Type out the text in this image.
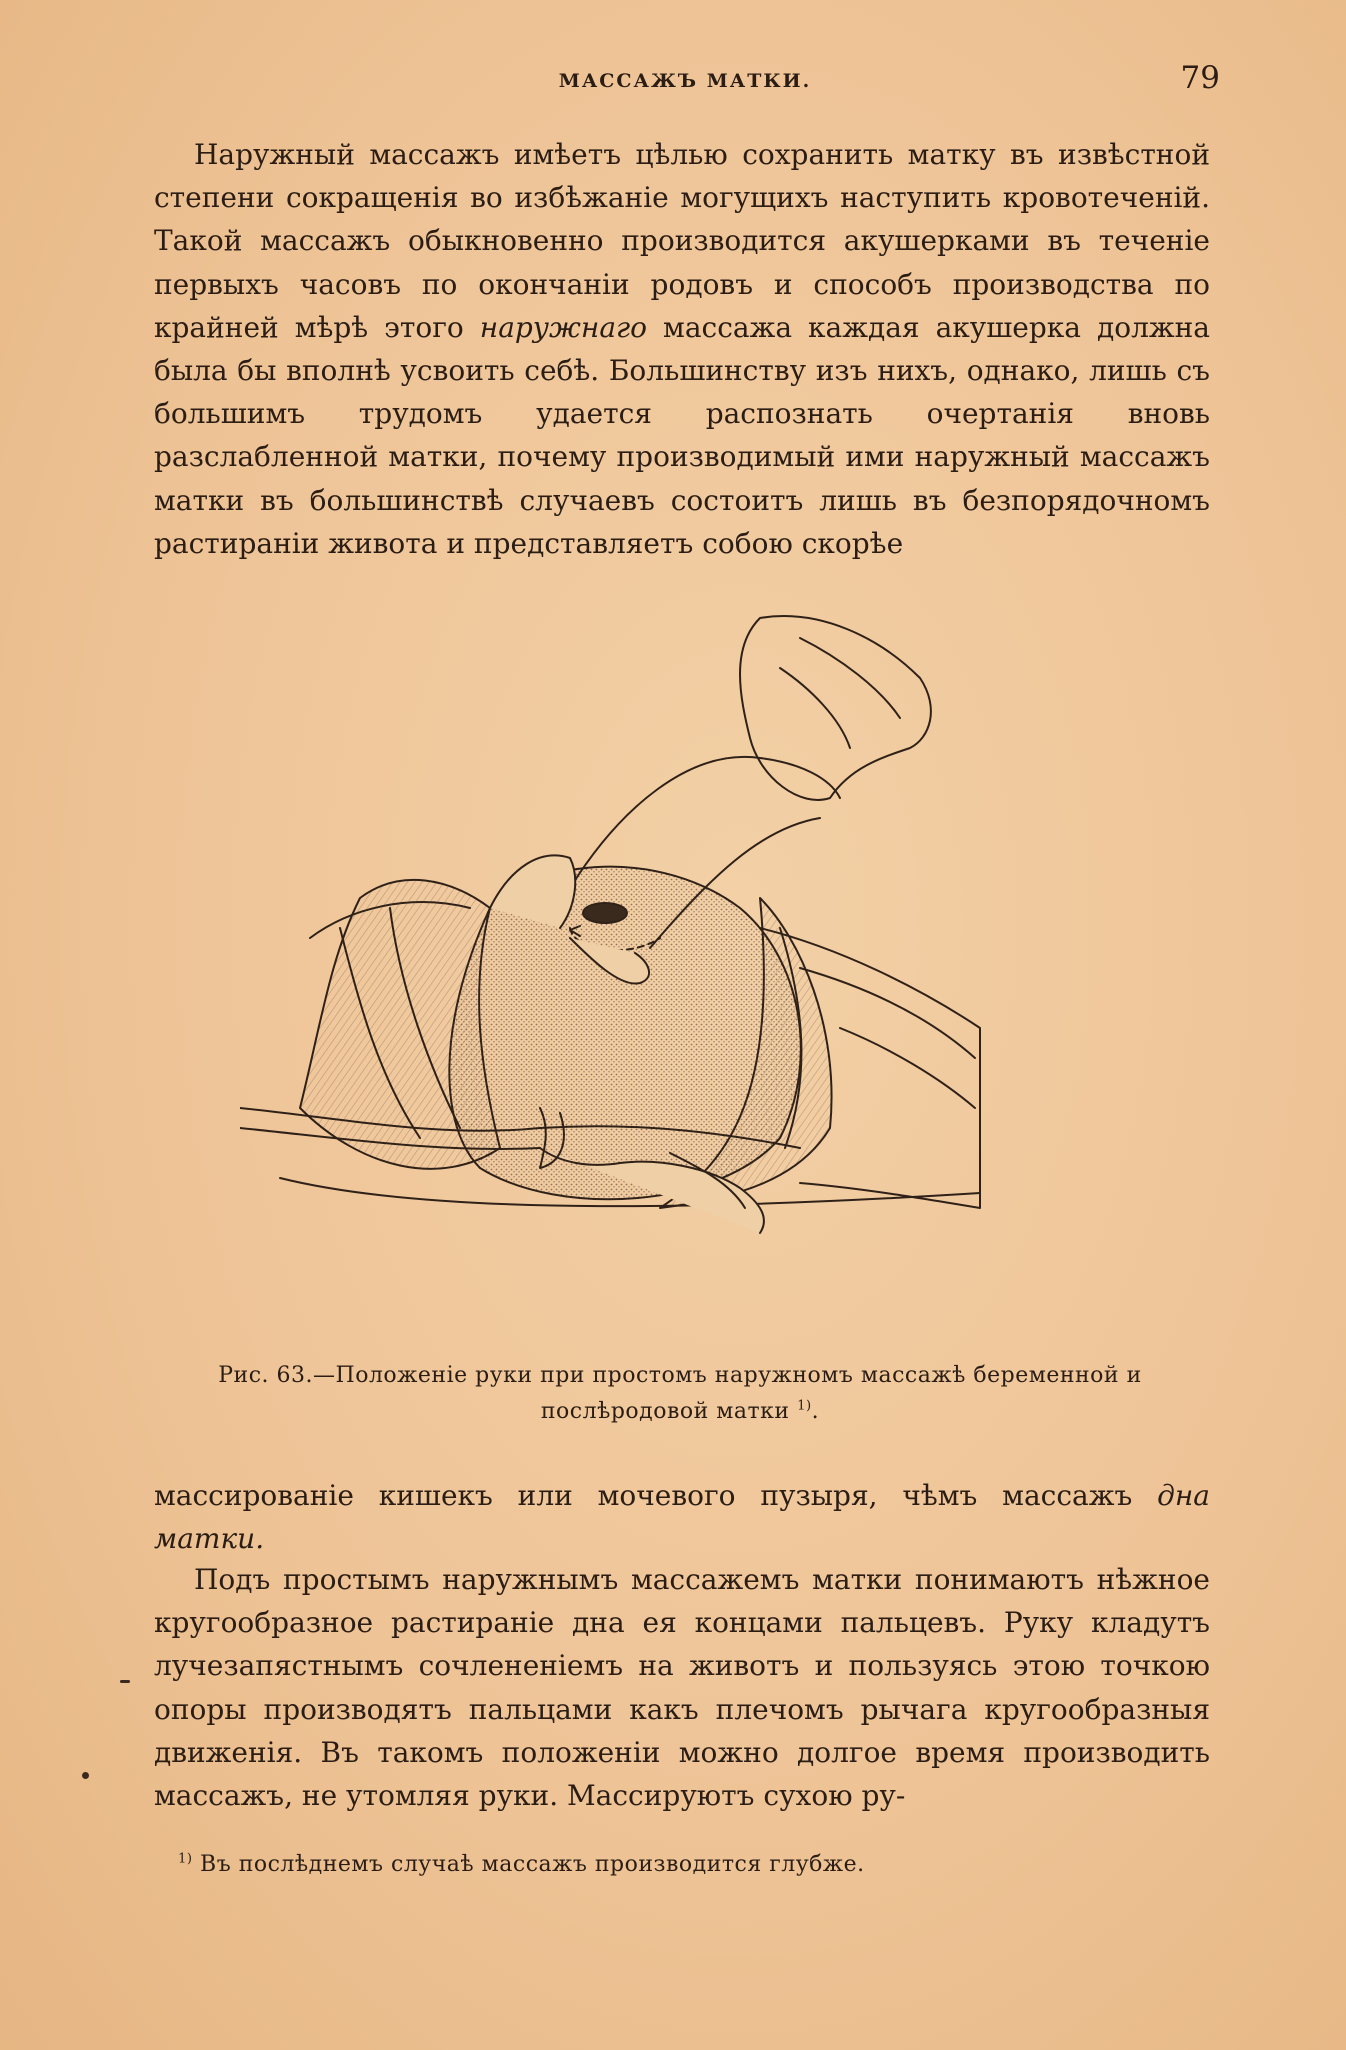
МАССАЖЪ МАТКИ.	79

Наружный массажъ имѣетъ цѣлью сохранить матку въ извѣстной степени сокращенія во избѣжаніе могущихъ наступить кровотеченій. Такой массажъ обыкновенно производится акушерками въ теченіе первыхъ часовъ по окончаніи родовъ и способъ производства по крайней мѣрѣ этого наружнаго массажа каждая акушерка должна была бы вполнѣ усвоить себѣ. Большинству изъ нихъ, однако, лишь съ большимъ трудомъ удается распознать очертанія вновь разслабленной матки, почему производимый ими наружный массажъ матки въ большинствѣ случаевъ состоитъ лишь въ безпорядочномъ растираніи живота и представляетъ собою скорѣе

Рис. 63.—Положеніе руки при простомъ наружномъ массажѣ беременной и
послѣродовой матки $^{1)}$.

массированіе кишекъ или мочевого пузыря, чѣмъ массажъ дна матки.

Подъ простымъ наружнымъ массажемъ матки понимаютъ нѣжное кругообразное растираніе дна ея концами пальцевъ. Руку кладутъ лучезапястнымъ сочлененіемъ на животъ и пользуясь этою точкою опоры производятъ пальцами какъ плечомъ рычага кругообразныя движенія. Въ такомъ положеніи можно долгое время производить массажъ, не утомляя руки. Массируютъ сухою ру-

$^{1)}$ Въ послѣднемъ случаѣ массажъ производится глубже.
